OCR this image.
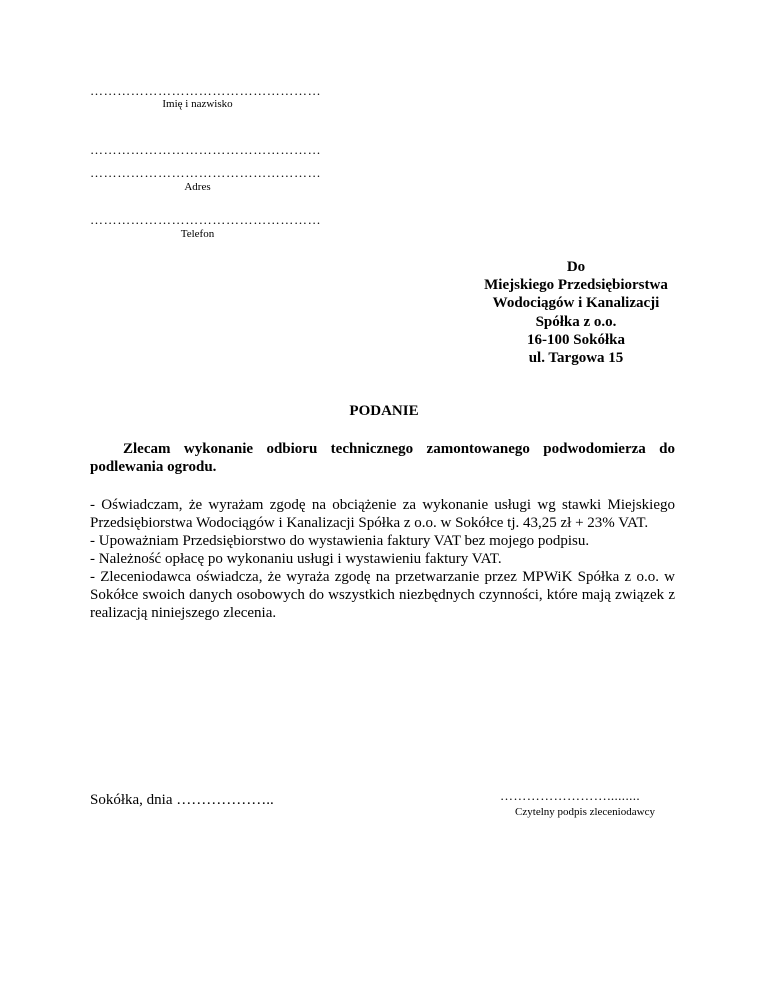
……………………………………………
Imię i nazwisko
……………………………………………
……………………………………………
Adres
……………………………………………
Telefon
Do
Miejskiego Przedsiębiorstwa
Wodociągów i Kanalizacji
Spółka z o.o.
16-100 Sokółka
ul. Targowa 15
PODANIE
Zlecam wykonanie odbioru technicznego zamontowanego podwodomierza do podlewania ogrodu.

- Oświadczam, że wyrażam zgodę na obciążenie za wykonanie usługi wg stawki Miejskiego Przedsiębiorstwa Wodociągów i Kanalizacji Spółka z o.o. w Sokółce tj. 43,25 zł + 23% VAT.

- Upoważniam Przedsiębiorstwo do wystawienia faktury VAT bez mojego podpisu.

- Należność opłacę po wykonaniu usługi i wystawieniu faktury VAT.

- Zleceniodawca oświadcza, że wyraża zgodę na przetwarzanie przez MPWiK Spółka z o.o. w Sokółce swoich danych osobowych do wszystkich niezbędnych czynności, które mają związek z realizacją niniejszego zlecenia.

Sokółka, dnia ………………..	…………………….........
Czytelny podpis zleceniodawcy
